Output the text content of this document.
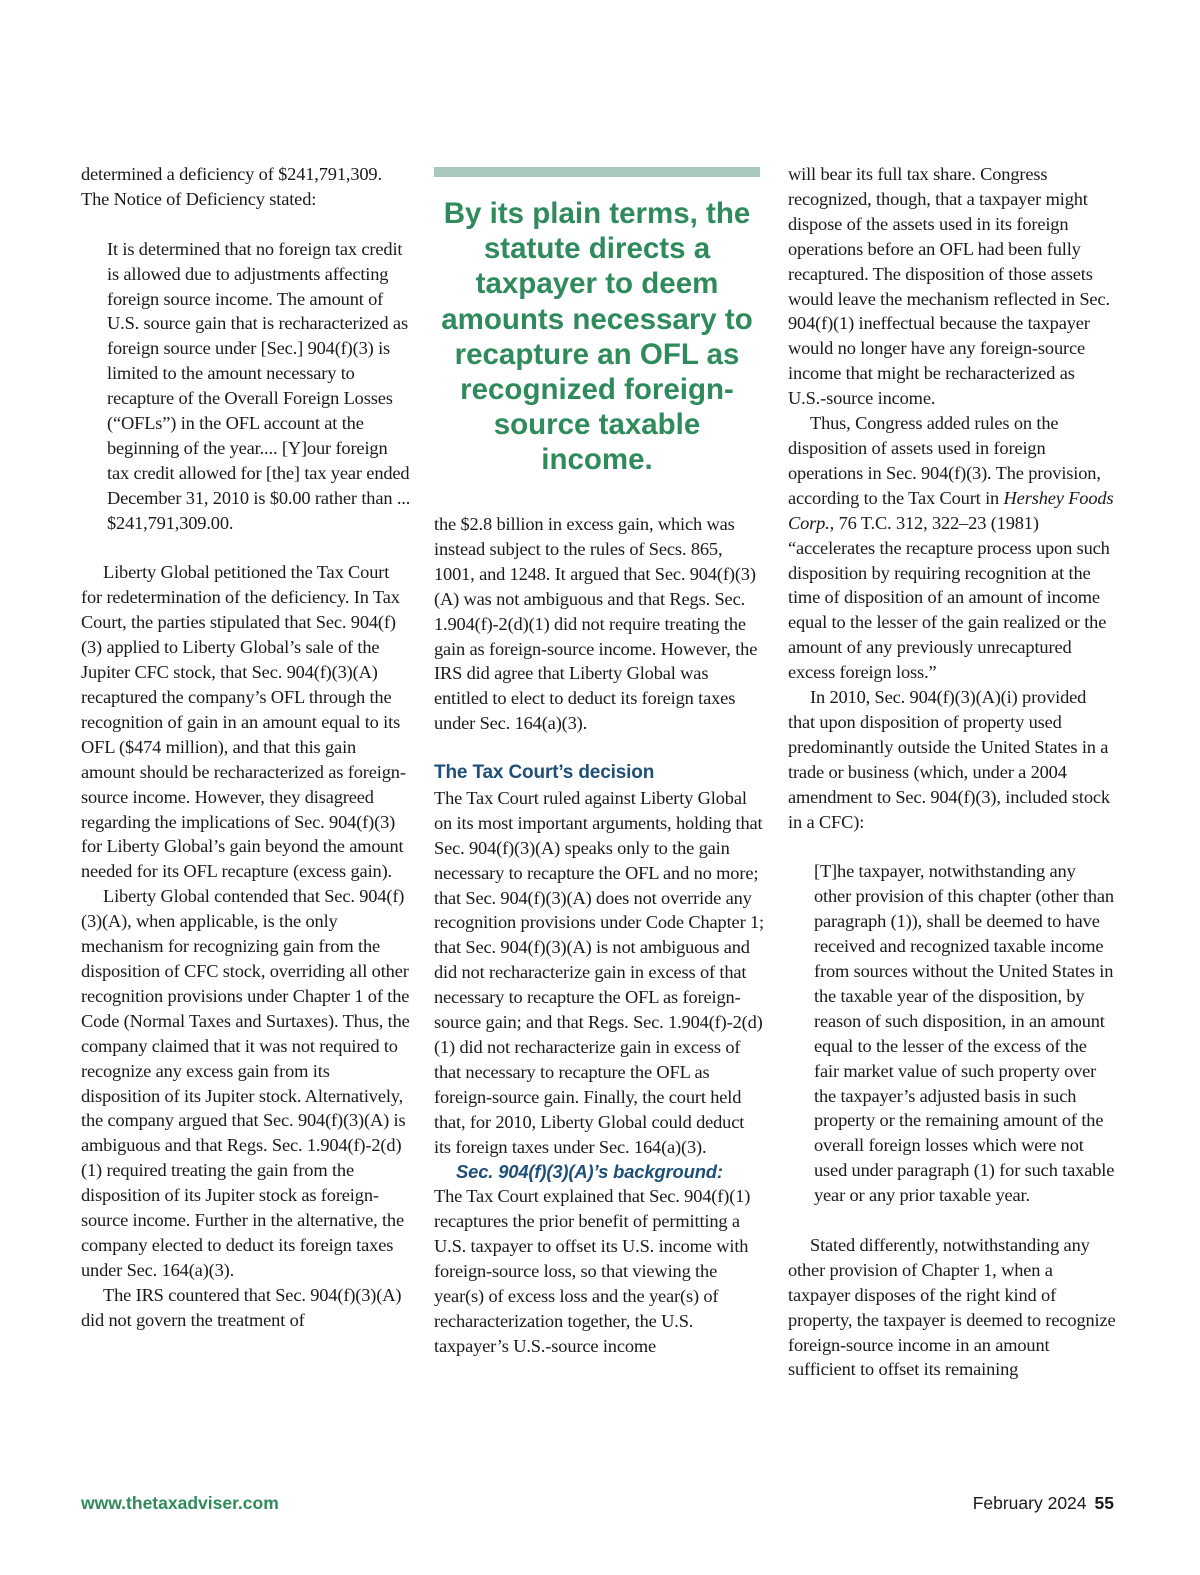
determined a deficiency of $241,791,309. The Notice of Deficiency stated:

It is determined that no foreign tax credit is allowed due to adjustments affecting foreign source income. The amount of U.S. source gain that is recharacterized as foreign source under [Sec.] 904(f)(3) is limited to the amount necessary to recapture of the Overall Foreign Losses (“OFLs”) in the OFL account at the beginning of the year.... [Y]our foreign tax credit allowed for [the] tax year ended December 31, 2010 is $0.00 rather than ... $241,791,309.00.

Liberty Global petitioned the Tax Court for redetermination of the deficiency. In Tax Court, the parties stipulated that Sec. 904(f)(3) applied to Liberty Global’s sale of the Jupiter CFC stock, that Sec. 904(f)(3)(A) recaptured the company’s OFL through the recognition of gain in an amount equal to its OFL ($474 million), and that this gain amount should be recharacterized as foreign-source income. However, they disagreed regarding the implications of Sec. 904(f)(3) for Liberty Global’s gain beyond the amount needed for its OFL recapture (excess gain).

Liberty Global contended that Sec. 904(f)(3)(A), when applicable, is the only mechanism for recognizing gain from the disposition of CFC stock, overriding all other recognition provisions under Chapter 1 of the Code (Normal Taxes and Surtaxes). Thus, the company claimed that it was not required to recognize any excess gain from its disposition of its Jupiter stock. Alternatively, the company argued that Sec. 904(f)(3)(A) is ambiguous and that Regs. Sec. 1.904(f)-2(d)(1) required treating the gain from the disposition of its Jupiter stock as foreign-source income. Further in the alternative, the company elected to deduct its foreign taxes under Sec. 164(a)(3).

The IRS countered that Sec. 904(f)(3)(A) did not govern the treatment of

By its plain terms, the statute directs a taxpayer to deem amounts necessary to recapture an OFL as recognized foreign-source taxable income.

the $2.8 billion in excess gain, which was instead subject to the rules of Secs. 865, 1001, and 1248. It argued that Sec. 904(f)(3)(A) was not ambiguous and that Regs. Sec. 1.904(f)-2(d)(1) did not require treating the gain as foreign-source income. However, the IRS did agree that Liberty Global was entitled to elect to deduct its foreign taxes under Sec. 164(a)(3).

The Tax Court’s decision

The Tax Court ruled against Liberty Global on its most important arguments, holding that Sec. 904(f)(3)(A) speaks only to the gain necessary to recapture the OFL and no more; that Sec. 904(f)(3)(A) does not override any recognition provisions under Code Chapter 1; that Sec. 904(f)(3)(A) is not ambiguous and did not recharacterize gain in excess of that necessary to recapture the OFL as foreign-source gain; and that Regs. Sec. 1.904(f)-2(d)(1) did not recharacterize gain in excess of that necessary to recapture the OFL as foreign-source gain. Finally, the court held that, for 2010, Liberty Global could deduct its foreign taxes under Sec. 164(a)(3).

Sec. 904(f)(3)(A)’s background:

The Tax Court explained that Sec. 904(f)(1) recaptures the prior benefit of permitting a U.S. taxpayer to offset its U.S. income with foreign-source loss, so that viewing the year(s) of excess loss and the year(s) of recharacterization together, the U.S. taxpayer’s U.S.-source income

will bear its full tax share. Congress recognized, though, that a taxpayer might dispose of the assets used in its foreign operations before an OFL had been fully recaptured. The disposition of those assets would leave the mechanism reflected in Sec. 904(f)(1) ineffectual because the taxpayer would no longer have any foreign-source income that might be recharacterized as U.S.-source income.

Thus, Congress added rules on the disposition of assets used in foreign operations in Sec. 904(f)(3). The provision, according to the Tax Court in Hershey Foods Corp., 76 T.C. 312, 322–23 (1981) “accelerates the recapture process upon such disposition by requiring recognition at the time of disposition of an amount of income equal to the lesser of the gain realized or the amount of any previously unrecaptured excess foreign loss.”

In 2010, Sec. 904(f)(3)(A)(i) provided that upon disposition of property used predominantly outside the United States in a trade or business (which, under a 2004 amendment to Sec. 904(f)(3), included stock in a CFC):

[T]he taxpayer, notwithstanding any other provision of this chapter (other than paragraph (1)), shall be deemed to have received and recognized taxable income from sources without the United States in the taxable year of the disposition, by reason of such disposition, in an amount equal to the lesser of the excess of the fair market value of such property over the taxpayer’s adjusted basis in such property or the remaining amount of the overall foreign losses which were not used under paragraph (1) for such taxable year or any prior taxable year.

Stated differently, notwithstanding any other provision of Chapter 1, when a taxpayer disposes of the right kind of property, the taxpayer is deemed to recognize foreign-source income in an amount sufficient to offset its remaining

www.thetaxadviser.com	February 2024 55
